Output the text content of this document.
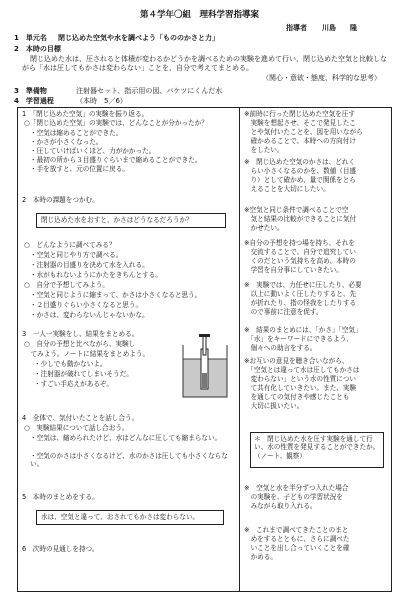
第４学年〇組　理科学習指導案
指導者 川島　　隆
1　単元名 閉じ込めた空気や水を調べよう「もののかさと力」
2　本時の目標
閉じ込めた水は、圧されると体積が変わるかどうかを調べるための実験を進めて行い、閉じ込めた空気と比較しながら「水は圧してもかさは変わらない」ことを、自分で考えてまとめる。
（関心・意欲・態度、科学的な思考）
3　準備物	注射器セット、指示用の図、バケツにくんだ水
4　学習過程	（本時　5／6）
1　「閉じ込めた空気」の実験を振り返る。
○「閉じ込めた空気」の実験では、どんなことが分かったか？
・空気は縮めることができた。
・かさが小さくなった。
・圧していけばいくほど、力がかかった。
・最初の所から３目盛りぐらいまで縮めることができた。
・手を放すと、元の位置に戻る。
2　本時の課題をつかむ。
閉じ込めた水をおすと、かさはどうなるだろうか？
○　どんなように調べてみる？
・空気と同じやり方で調べる。
・注射器の目盛りを決めて水を入れる。
・水がもれないようにかたをきちんとする。
○　自分で予想してみよう。
・空気と同じように縮まって、かさは小さくなると思う。
・２目盛りぐらい小さくなると思う。
・かさは、変わらないんじゃないかな。
3　一人一実験をし、結果をまとめる。
○　自分の予想と比べながら、実験し
　てみよう。ノートに結果をまとめよう。
・少しでも動かないよ。
・注射器が破れてしまいそうだ。
・すごい手応えがあるぞ。
4　全体で、気付いたことを話し合う。
○　実験結果について話し合おう。
・空気は、縮められたけど、水はどんなに圧しても縮まらない。
・空気のかさは小さくなるけど、水のかさは圧しても小さくならない。
5　本時のまとめをする。
水は、空気と違って、おされてもかさは変わらない。
6　次時の見通しを持つ。
※前時に行った閉じ込めた空気を圧す
　実験を想起させ、そこで発見したこ
　とや気付いたことを、図を用いながら
　確かめることで、本時への方向付け
　をしたい。
※　閉じ込めた空気のかさは、どれく
　らい小さくなるのかを、数値（目盛
　り）として確かめ、量で関係をとら
　えることを大切にしたい。
※空気と同じ条件で調べることで空
　気と結果の比較ができることに気付
　かせたい。
※自分の予想を持つ場を持ち、それを
　交流することで、自分で追究してい
　くのだという気持ちを高め、本時の
　学習を自分事にしていきたい。
※　実験では、力任せに圧したり、必要
　以上に動いよく圧したりすると、先
　が折れたり、指の怪我をしたりする
　ので事前に注意を促す。
※　結果のまとめには、「かさ」「空気」
　「水」をキーワードにできるよう、
　個々への助言をする。
※お互いの意見を聴き合いながら、
　「空気とは違って水は圧してもかさは
　変わらない」という水の性質につい
　て共有化していきたい。また、実験
　を通しての気付きや感じたことも
　大切に扱いたい。
＊　閉じ込めた水を圧す実験を通して行い、水の性質を発見することができたか。（ノート、観察）
※　空気と水を半分ずつ入れた場合
　の実験を、子どもの学習状況を
　みながら取り入れる。
※　これまで調べてきたことのまと
　めをするとともに、さらに調べた
　いことを出し合っていくことを確
　かめる。
